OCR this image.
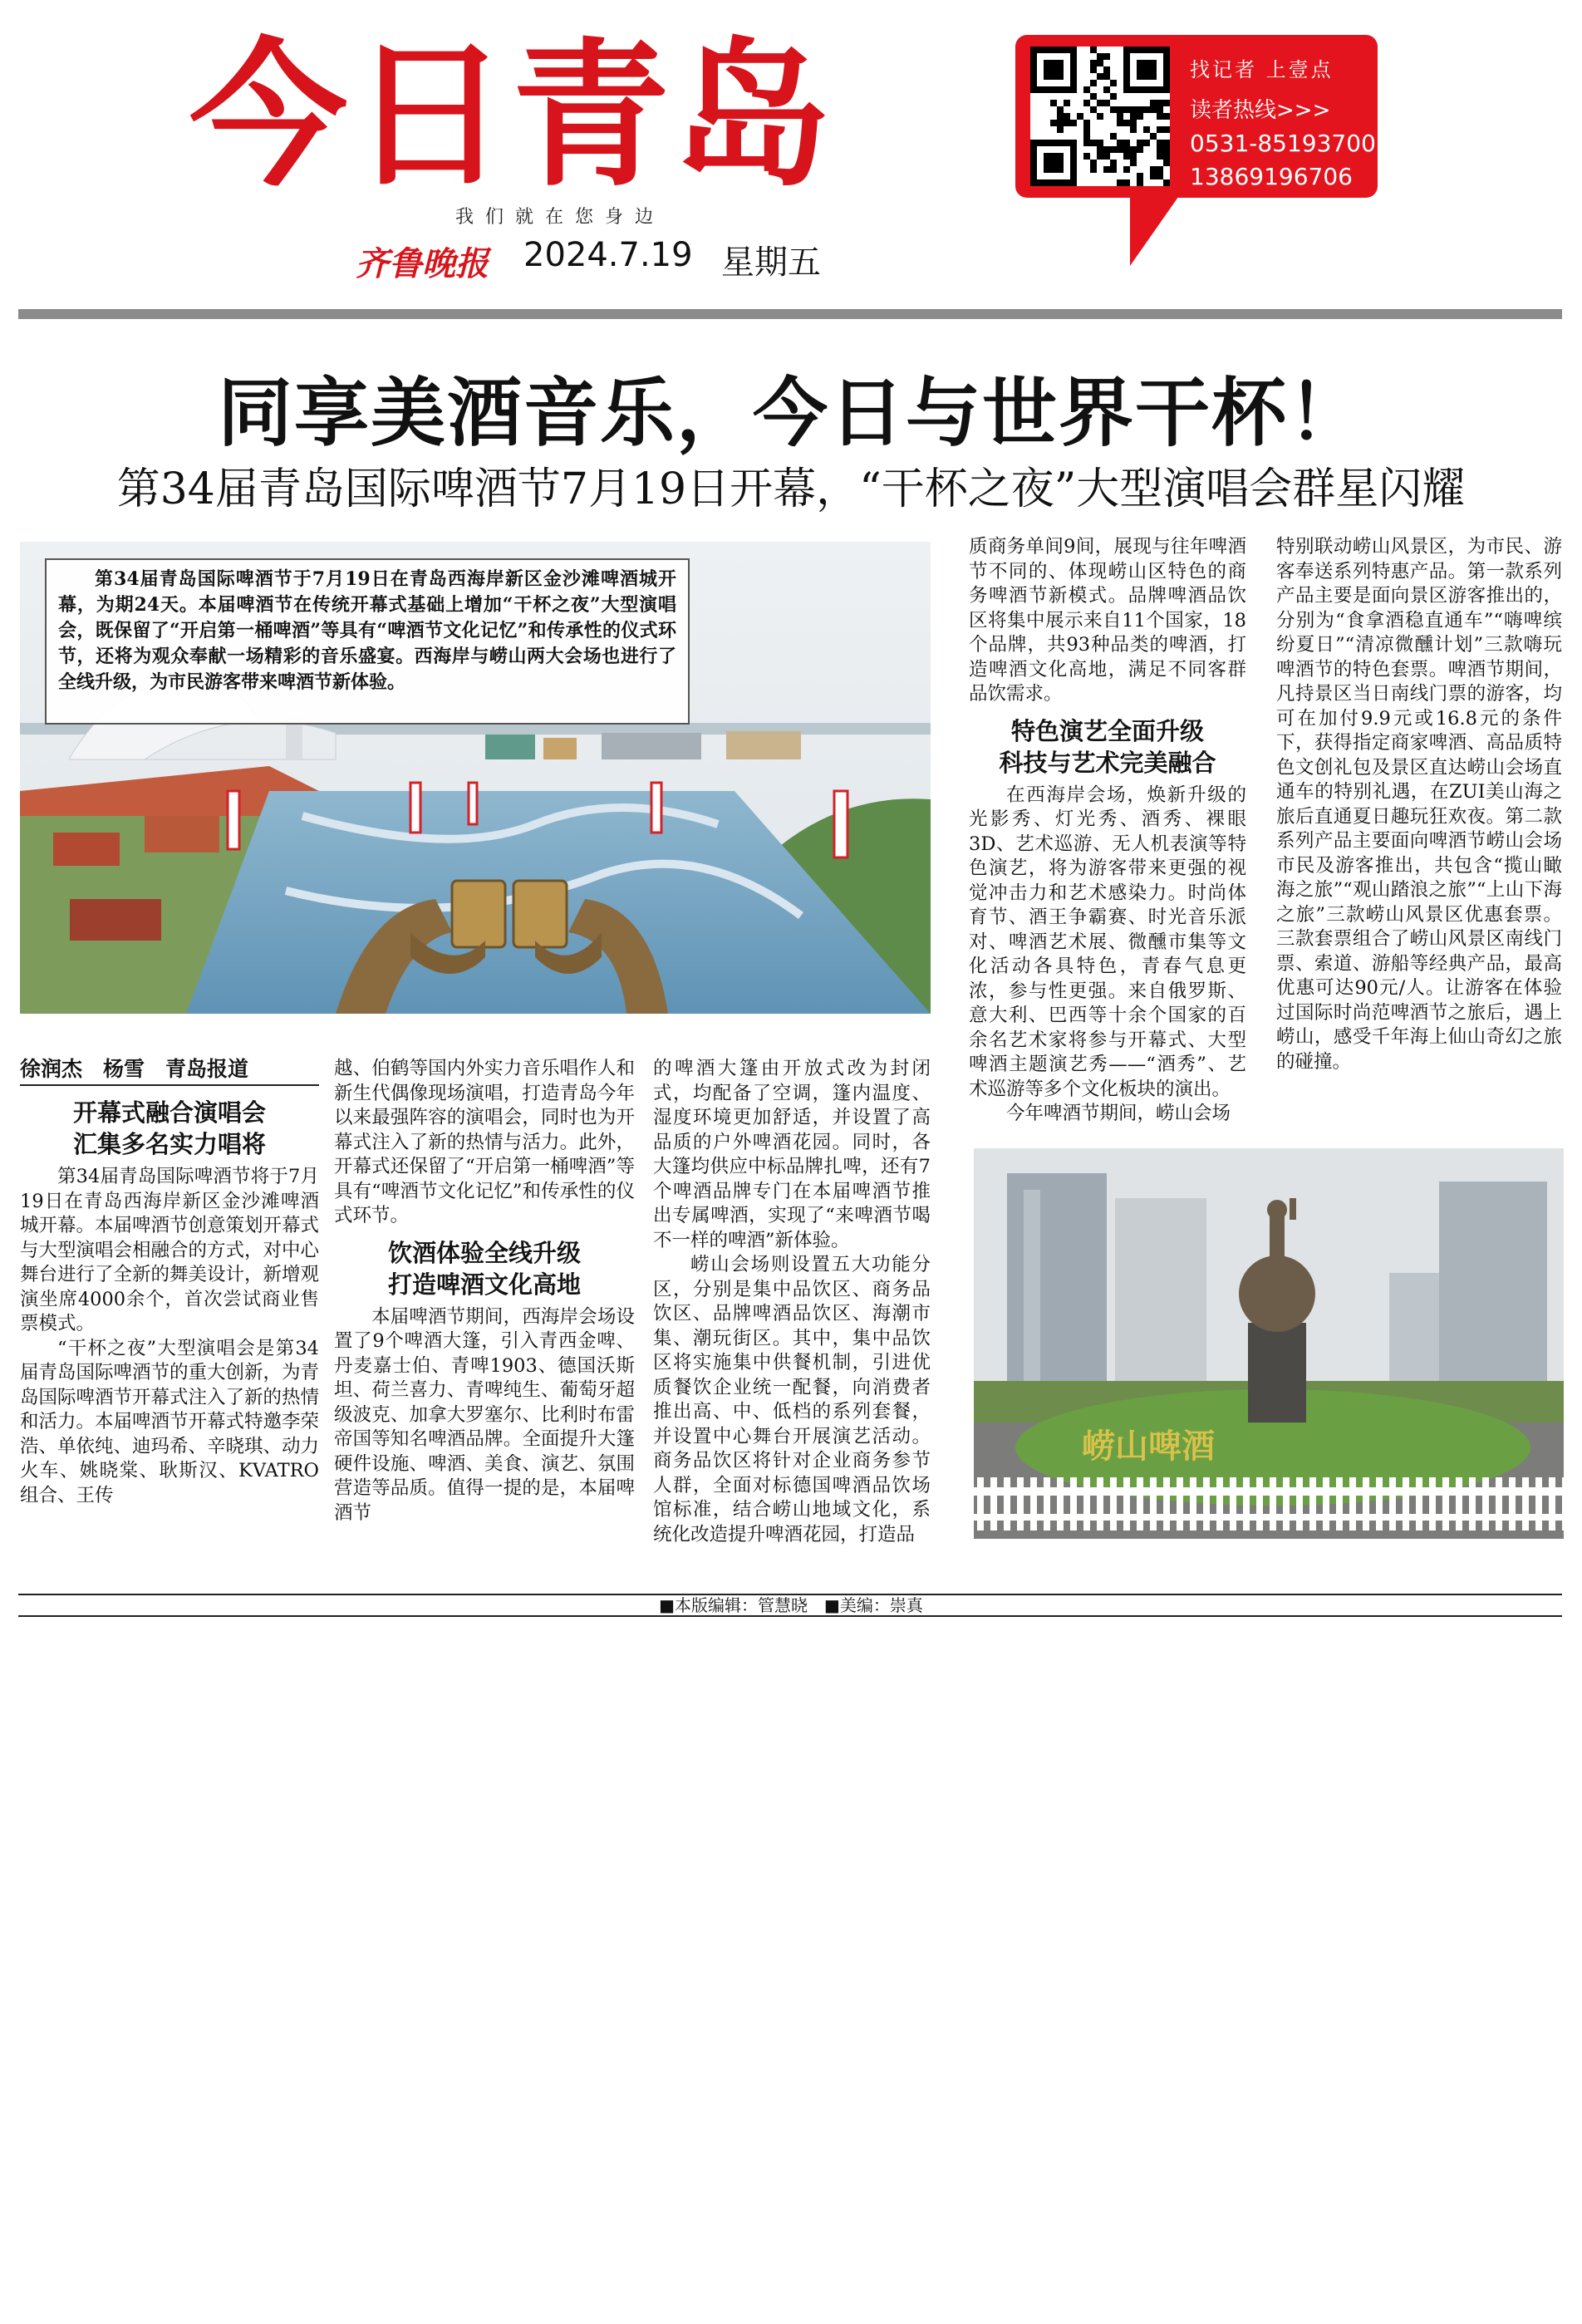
今日青岛
我们就在您身边
齐鲁晚报 2024.7.19 星期五
找记者 上壹点
读者热线>>>
0531-85193700
13869196706
同享美酒音乐，今日与世界干杯！
第34届青岛国际啤酒节7月19日开幕，“干杯之夜”大型演唱会群星闪耀
第34届青岛国际啤酒节于7月19日在青岛西海岸新区金沙滩啤酒城开幕，为期24天。本届啤酒节在传统开幕式基础上增加“干杯之夜”大型演唱会，既保留了“开启第一桶啤酒”等具有“啤酒节文化记忆”和传承性的仪式环节，还将为观众奉献一场精彩的音乐盛宴。西海岸与崂山两大会场也进行了全线升级，为市民游客带来啤酒节新体验。
崂山啤酒

徐润杰　杨雪　青岛报道

开幕式融合演唱会
汇集多名实力唱将

第34届青岛国际啤酒节将于7月19日在青岛西海岸新区金沙滩啤酒城开幕。本届啤酒节创意策划开幕式与大型演唱会相融合的方式，对中心舞台进行了全新的舞美设计，新增观演坐席4000余个，首次尝试商业售票模式。

“干杯之夜”大型演唱会是第34届青岛国际啤酒节的重大创新，为青岛国际啤酒节开幕式注入了新的热情和活力。本届啤酒节开幕式特邀李荣浩、单依纯、迪玛希、辛晓琪、动力火车、姚晓棠、耿斯汉、KVATRO组合、王传

越、伯鹤等国内外实力音乐唱作人和新生代偶像现场演唱，打造青岛今年以来最强阵容的演唱会，同时也为开幕式注入了新的热情与活力。此外，开幕式还保留了“开启第一桶啤酒”等具有“啤酒节文化记忆”和传承性的仪式环节。

饮酒体验全线升级
打造啤酒文化高地

本届啤酒节期间，西海岸会场设置了9个啤酒大篷，引入青西金啤、丹麦嘉士伯、青啤1903、德国沃斯坦、荷兰喜力、青啤纯生、葡萄牙超级波克、加拿大罗塞尔、比利时布雷帝国等知名啤酒品牌。全面提升大篷硬件设施、啤酒、美食、演艺、氛围营造等品质。值得一提的是，本届啤酒节

的啤酒大篷由开放式改为封闭式，均配备了空调，篷内温度、湿度环境更加舒适，并设置了高品质的户外啤酒花园。同时，各大篷均供应中标品牌扎啤，还有7个啤酒品牌专门在本届啤酒节推出专属啤酒，实现了“来啤酒节喝不一样的啤酒”新体验。

崂山会场则设置五大功能分区，分别是集中品饮区、商务品饮区、品牌啤酒品饮区、海潮市集、潮玩街区。其中，集中品饮区将实施集中供餐机制，引进优质餐饮企业统一配餐，向消费者推出高、中、低档的系列套餐，并设置中心舞台开展演艺活动。商务品饮区将针对企业商务参节人群，全面对标德国啤酒品饮场馆标准，结合崂山地域文化，系统化改造提升啤酒花园，打造品

质商务单间9间，展现与往年啤酒节不同的、体现崂山区特色的商务啤酒节新模式。品牌啤酒品饮区将集中展示来自11个国家，18个品牌，共93种品类的啤酒，打造啤酒文化高地，满足不同客群品饮需求。

特色演艺全面升级
科技与艺术完美融合

在西海岸会场，焕新升级的光影秀、灯光秀、酒秀、裸眼3D、艺术巡游、无人机表演等特色演艺，将为游客带来更强的视觉冲击力和艺术感染力。时尚体育节、酒王争霸赛、时光音乐派对、啤酒艺术展、微醺市集等文化活动各具特色，青春气息更浓，参与性更强。来自俄罗斯、意大利、巴西等十余个国家的百余名艺术家将参与开幕式、大型啤酒主题演艺秀——“酒秀”、艺术巡游等多个文化板块的演出。

今年啤酒节期间，崂山会场

特别联动崂山风景区，为市民、游客奉送系列特惠产品。第一款系列产品主要是面向景区游客推出的，分别为“食拿酒稳直通车”“嗨啤缤纷夏日”“清凉微醺计划”三款嗨玩啤酒节的特色套票。啤酒节期间，凡持景区当日南线门票的游客，均可在加付9.9元或16.8元的条件下，获得指定商家啤酒、高品质特色文创礼包及景区直达崂山会场直通车的特别礼遇，在ZUI美山海之旅后直通夏日趣玩狂欢夜。第二款系列产品主要面向啤酒节崂山会场市民及游客推出，共包含“揽山瞰海之旅”“观山踏浪之旅”“上山下海之旅”三款崂山风景区优惠套票。三款套票组合了崂山风景区南线门票、索道、游船等经典产品，最高优惠可达90元/人。让游客在体验过国际时尚范啤酒节之旅后，遇上崂山，感受千年海上仙山奇幻之旅的碰撞。

■本版编辑：管慧晓　■美编：崇真
